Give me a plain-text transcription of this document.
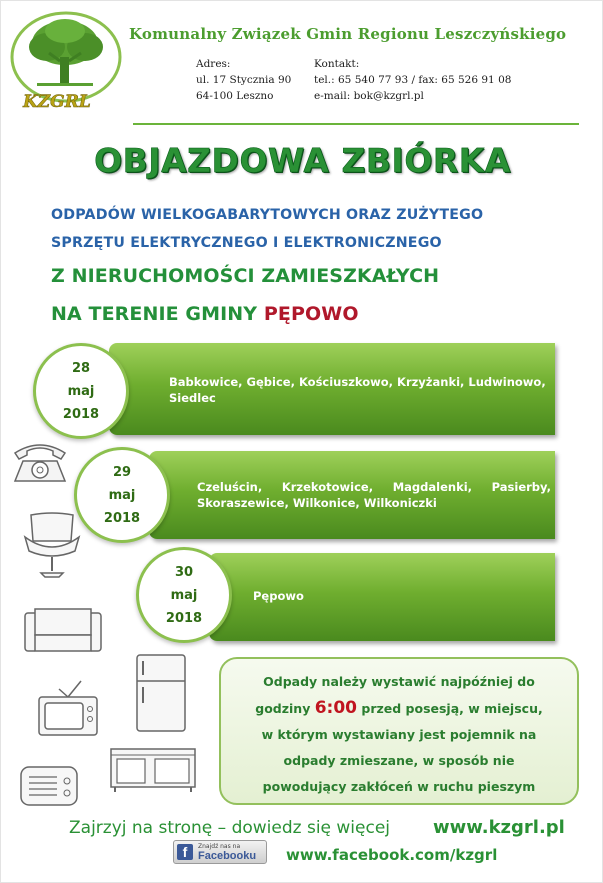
KZGRL
Komunalny Związek Gmin Regionu Leszczyńskiego
Adres:
ul. 17 Stycznia 90
64-100 Leszno
Kontakt:
tel.: 65 540 77 93 / fax: 65 526 91 08
e-mail: bok@kzgrl.pl
OBJAZDOWA ZBIÓRKA
ODPADÓW WIELKOGABARYTOWYCH ORAZ ZUŻYTEGO
SPRZĘTU ELEKTRYCZNEGO I ELEKTRONICZNEGO
Z NIERUCHOMOŚCI ZAMIESZKAŁYCH
NA TERENIE GMINY PĘPOWO
Babkowice, Gębice, Kościuszkowo, Krzyżanki, Ludwinowo, Siedlec
28
maj
2018
Czeluścin, Krzekotowice, Magdalenki, Pasierby,
Skoraszewice, Wilkonice, Wilkoniczki
29
maj
2018
Pępowo
30
maj
2018
Odpady należy wystawić najpóźniej do
godziny 6:00 przed posesją, w miejscu,
w którym wystawiany jest pojemnik na
odpady zmieszane, w sposób nie
powodujący zakłóceń w ruchu pieszym
Zajrzyj na stronę – dowiedz się więcej www.kzgrl.pl
f	Znajdź nas na
Facebooku www.facebook.com/kzgrl
